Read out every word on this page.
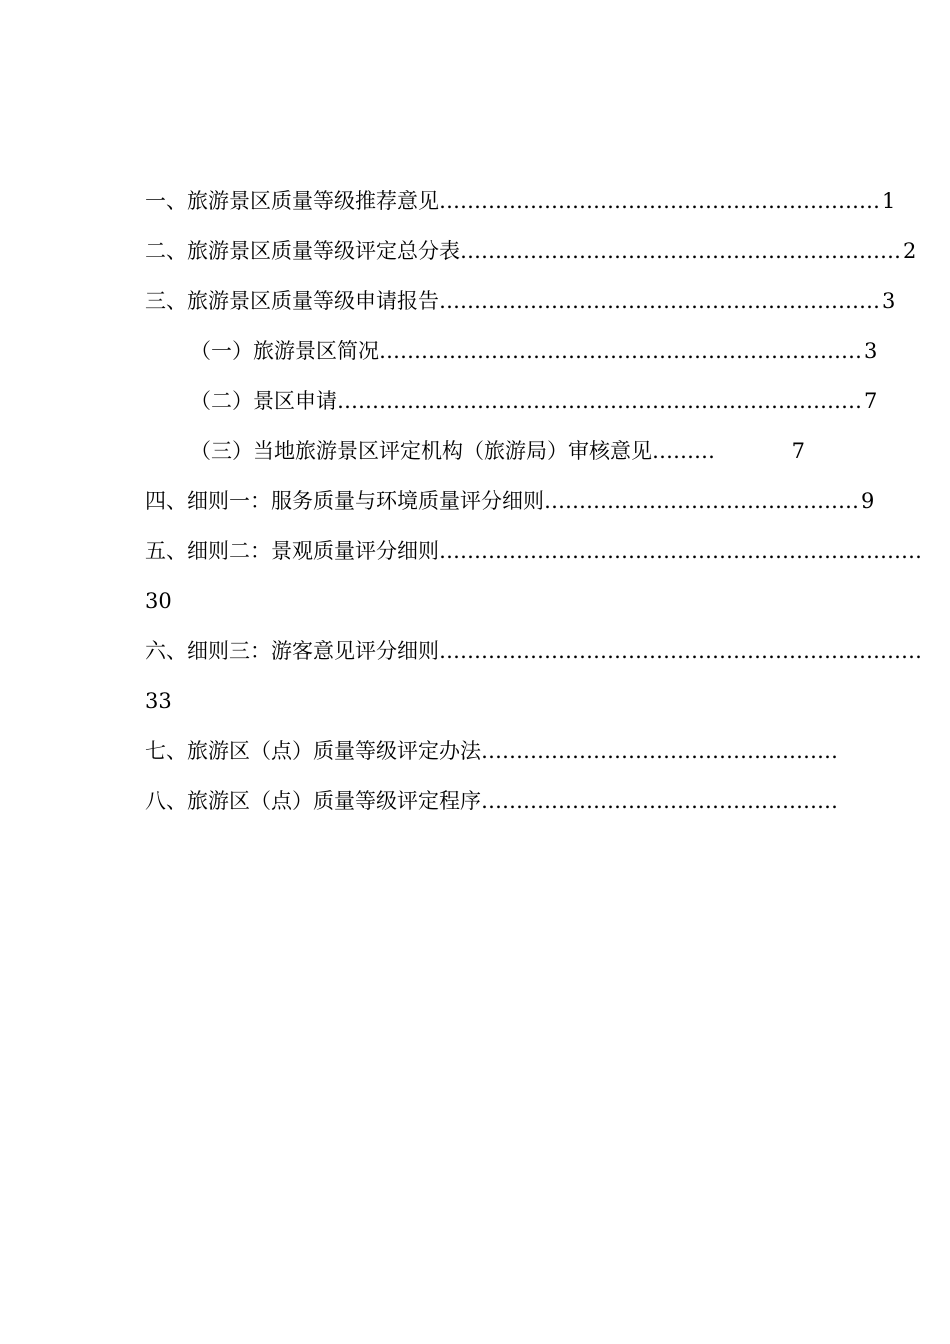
一、旅游景区质量等级推荐意见 ……………………………………………………… 1
二、旅游景区质量等级评定总分表 ……………………………………………………… 2
三、旅游景区质量等级申请报告 ……………………………………………………… 3
（一）旅游景区简况 …………………………………………………………… 3
（二）景区申请 ………………………………………………………………… 7
（三）当地旅游景区评定机构（旅游局）审核意见 ………	7
四、细则一：服务质量与环境质量评分细则 ……………………………………… 9
五、细则二：景观质量评分细则 ……………………………………………………………
30
六、细则三：游客意见评分细则 ……………………………………………………………
33
七、旅游区（点）质量等级评定办法 ……………………………………………
八、旅游区（点）质量等级评定程序 ……………………………………………
